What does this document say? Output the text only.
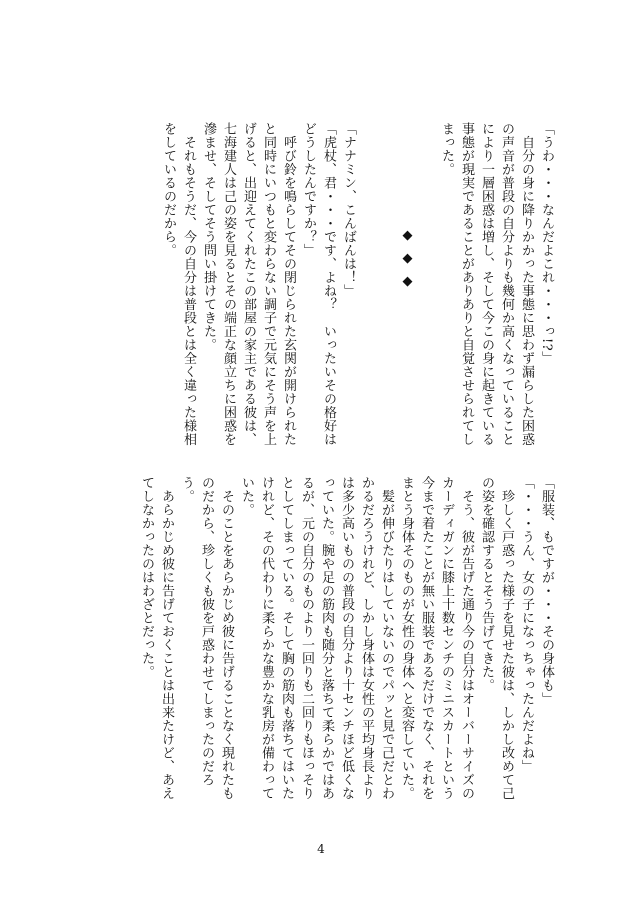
「うわ・・・なんだよこれ・・・っ!?」

　自分の身に降りかかった事態に思わず漏らした困惑の声音が普段の自分よりも幾何か高くなっていることにより一層困惑は増し、そして今この身に起きている事態が現実であることがありありと自覚させられてしまった。

◆◆◆

「ナナミン、こんばんは！」

「虎杖、君・・・です、よね？　いったいその格好はどうしたんですか？」

　呼び鈴を鳴らしてその閉じられた玄関が開けられたと同時にいつもと変わらない調子で元気にそう声を上げると、出迎えてくれたこの部屋の家主である彼は、七海建人は己の姿を見るとその端正な顔立ちに困惑を滲ませ、そしてそう問い掛けてきた。

　それもそうだ、今の自分は普段とは全く違った様相をしているのだから。

「服装、もですが・・・その身体も」

「・・・うん、女の子になっちゃったんだよね」

　珍しく戸惑った様子を見せた彼は、しかし改めて己の姿を確認するとそう告げてきた。

　そう、彼が告げた通り今の自分はオーバーサイズのカーディガンに膝上十数センチのミニスカートという今まで着たことが無い服装であるだけでなく、それをまとう身体そのものが女性の身体へと変容していた。

　髪が伸びたりはしていないのでパッと見で己だとわかるだろうけれど、しかし身体は女性の平均身長よりは多少高いものの普段の自分より十センチほど低くなっていた。腕や足の筋肉も随分と落ちて柔らかではあるが、元の自分のものより一回りも二回りもほっそりとしてしまっている。そして胸の筋肉も落ちてはいたけれど、その代わりに柔らかな豊かな乳房が備わっていた。

　そのことをあらかじめ彼に告げることなく現れたものだから、珍しくも彼を戸惑わせてしまったのだろう。

　あらかじめ彼に告げておくことは出来たけど、あえてしなかったのはわざとだった。

4
